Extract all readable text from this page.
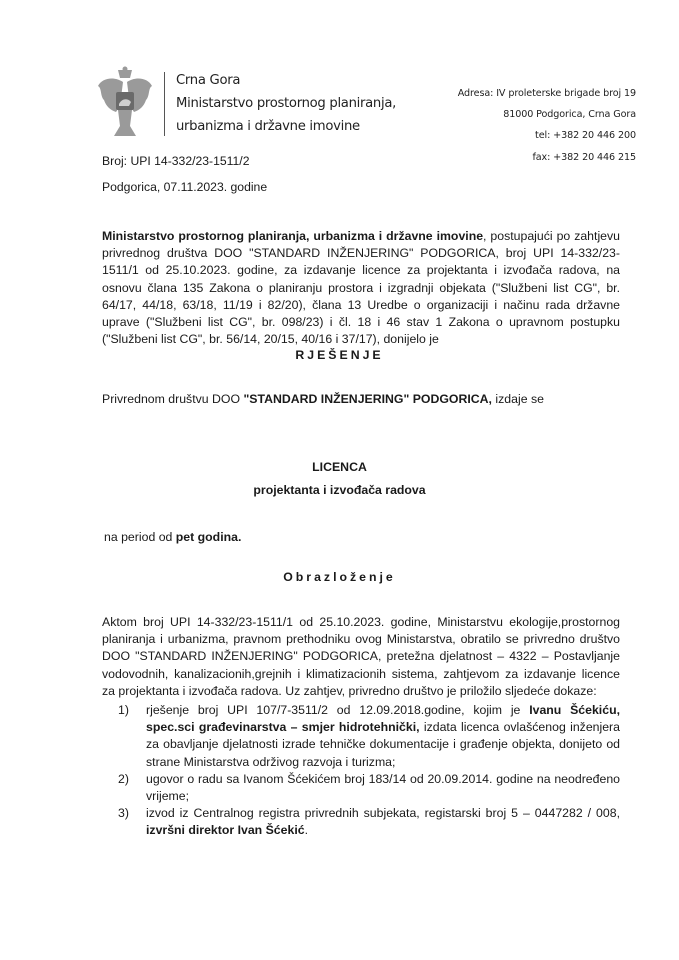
Crna Gora
Ministarstvo prostornog planiranja,
urbanizma i državne imovine
Adresa: IV proleterske brigade broj 19
81000 Podgorica, Crna Gora
tel: +382 20 446 200
fax: +382 20 446 215
Broj: UPI 14-332/23-1511/2
Podgorica, 07.11.2023. godine
Ministarstvo prostornog planiranja, urbanizma i državne imovine, postupajući po zahtjevu
privrednog društva DOO "STANDARD INŽENJERING" PODGORICA, broj UPI 14-332/23-
1511/1 od 25.10.2023. godine, za izdavanje licence za projektanta i izvođača radova, na
osnovu člana 135 Zakona o planiranju prostora i izgradnji objekata ("Službeni list CG", br.
64/17, 44/18, 63/18, 11/19 i 82/20), člana 13 Uredbe o organizaciji i načinu rada državne
uprave ("Službeni list CG", br. 098/23) i čl. 18 i 46 stav 1 Zakona o upravnom postupku
("Službeni list CG", br. 56/14, 20/15, 40/16 i 37/17), donijelo je
RJEŠENJE
Privrednom društvu DOO "STANDARD INŽENJERING" PODGORICA, izdaje se
LICENCA
projektanta i izvođača radova
na period od pet godina.
Obrazloženje
Aktom broj UPI 14-332/23-1511/1 od 25.10.2023. godine, Ministarstvu ekologije,prostornog
planiranja i urbanizma, pravnom prethodniku ovog Ministarstva, obratilo se privredno društvo
DOO "STANDARD INŽENJERING" PODGORICA, pretežna djelatnost – 4322 – Postavljanje
vodovodnih, kanalizacionih,grejnih i klimatizacionih sistema, zahtjevom za izdavanje licence
za projektanta i izvođača radova. Uz zahtjev, privredno društvo je priložilo sljedeće dokaze:
1) rješenje broj UPI 107/7-3511/2 od 12.09.2018.godine, kojim je Ivanu Šćekiću,
spec.sci građevinarstva – smjer hidrotehnički, izdata licenca ovlašćenog inženjera
za obavljanje djelatnosti izrade tehničke dokumentacije i građenje objekta, donijeto od
strane Ministarstva održivog razvoja i turizma;
2) ugovor o radu sa Ivanom Šćekićem broj 183/14 od 20.09.2014. godine na neodređeno
vrijeme;
3) izvod iz Centralnog registra privrednih subjekata, registarski broj 5 – 0447282 / 008,
izvršni direktor Ivan Šćekić.
